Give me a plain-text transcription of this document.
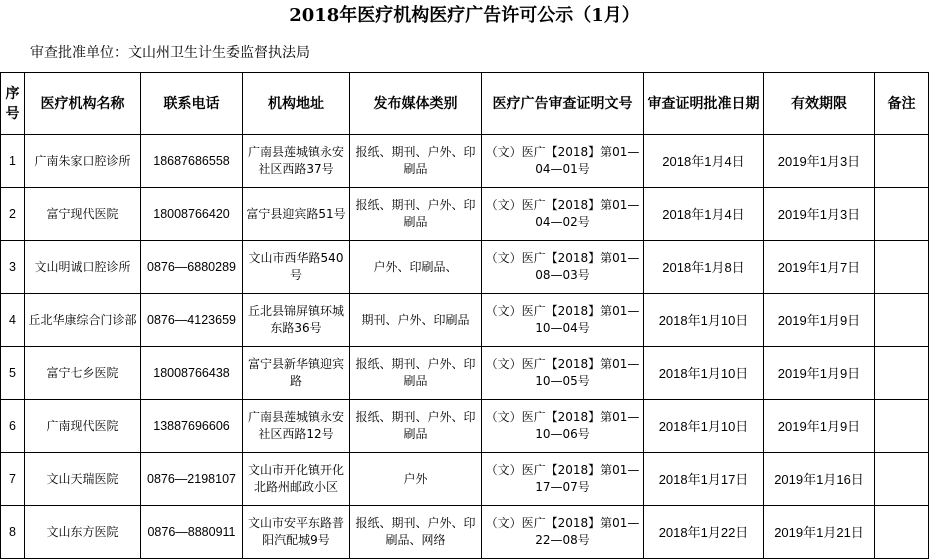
2018年医疗机构医疗广告许可公示（1月）
审查批准单位：文山州卫生计生委监督执法局
序号	医疗机构名称	联系电话	机构地址	发布媒体类别	医疗广告审查证明文号	审查证明批准日期	有效期限	备注
1	广南朱家口腔诊所	18687686558	广南县莲城镇永安社区西路37号	报纸、期刊、户外、印刷品	（文）医广【2018】第01—04—01号	2018年1月4日	2019年1月3日	
2	富宁现代医院	18008766420	富宁县迎宾路51号	报纸、期刊、户外、印刷品	（文）医广【2018】第01—04—02号	2018年1月4日	2019年1月3日	
3	文山明诚口腔诊所	0876—6880289	文山市西华路540号	户外、印刷品、	（文）医广【2018】第01—08—03号	2018年1月8日	2019年1月7日	
4	丘北华康综合门诊部	0876—4123659	丘北县锦屏镇环城东路36号	期刊、户外、印刷品	（文）医广【2018】第01—10—04号	2018年1月10日	2019年1月9日	
5	富宁七乡医院	18008766438	富宁县新华镇迎宾路	报纸、期刊、户外、印刷品	（文）医广【2018】第01—10—05号	2018年1月10日	2019年1月9日	
6	广南现代医院	13887696606	广南县莲城镇永安社区西路12号	报纸、期刊、户外、印刷品	（文）医广【2018】第01—10—06号	2018年1月10日	2019年1月9日	
7	文山天瑞医院	0876—2198107	文山市开化镇开化北路州邮政小区	户外	（文）医广【2018】第01—17—07号	2018年1月17日	2019年1月16日	
8	文山东方医院	0876—8880911	文山市安平东路普阳汽配城9号	报纸、期刊、户外、印刷品、网络	（文）医广【2018】第01—22—08号	2018年1月22日	2019年1月21日	
